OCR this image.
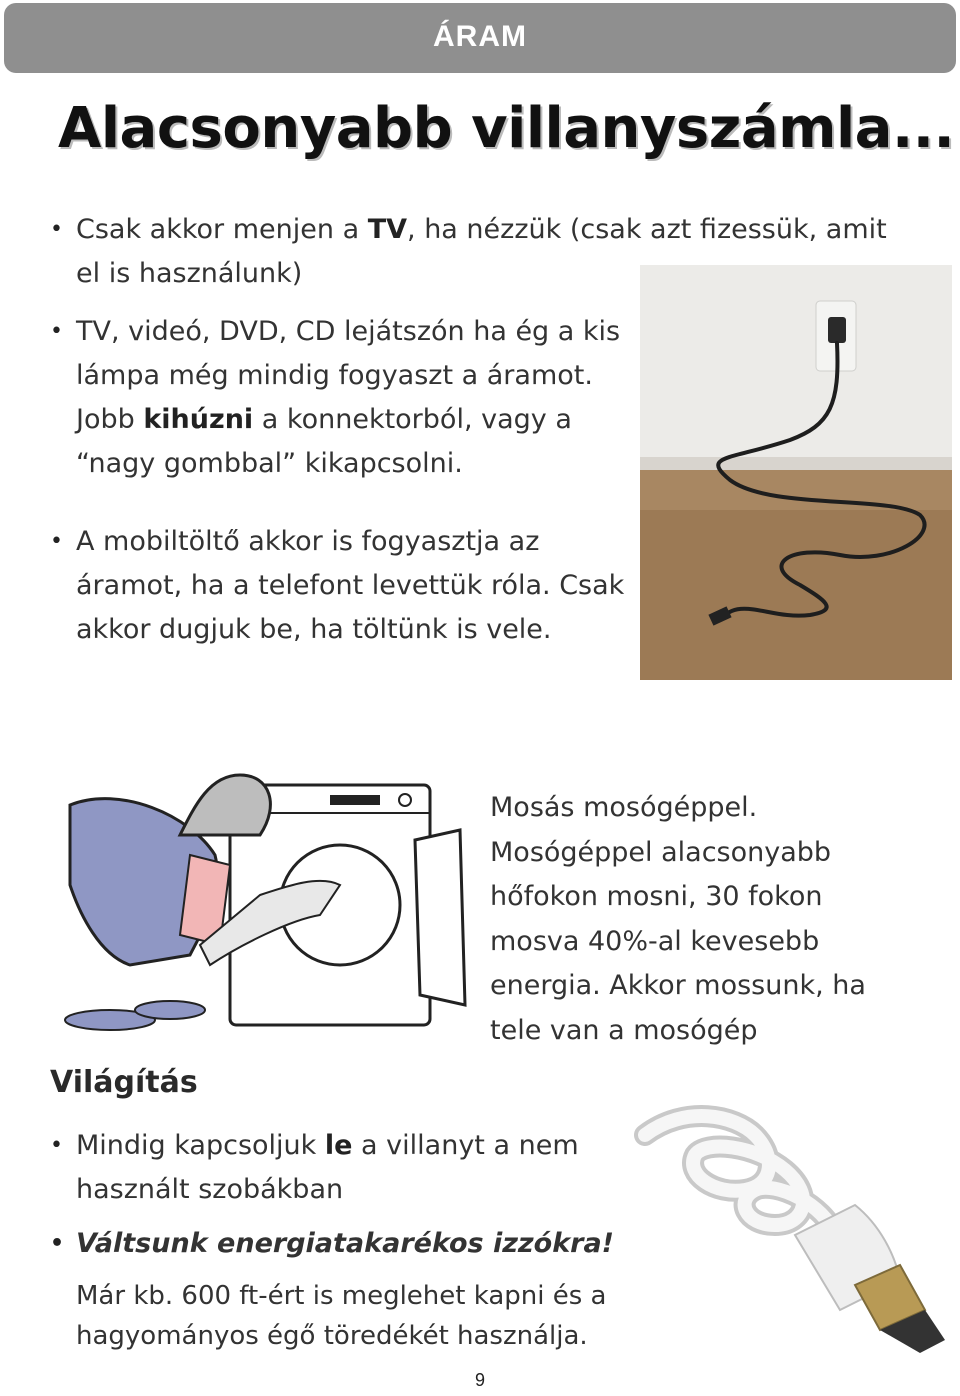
ÁRAM
Alacsonyabb villanyszámla...
• Csak akkor menjen a TV, ha nézzük (csak azt fizessük, amit el is használunk)
• TV, videó, DVD, CD lejátszón ha ég a kis lámpa még mindig fogyaszt a áramot. Jobb kihúzni a konnektorból, vagy a “nagy gombbal” kikapcsolni.
• A mobiltöltő akkor is fogyasztja az áramot, ha a telefont levettük róla. Csak akkor dugjuk be, ha töltünk is vele.

Mosás mosógéppel. Mosógéppel alacsonyabb hőfokon mosni, 30 fokon mosva 40%-al kevesebb energia. Akkor mossunk, ha tele van a mosógép

Világítás
• Mindig kapcsoljuk le a villanyt a nem használt szobákban
• Váltsunk energiatakarékos izzókra!

Már kb. 600 ft-ért is meglehet kapni és a hagyományos égő töredékét használja.

9
